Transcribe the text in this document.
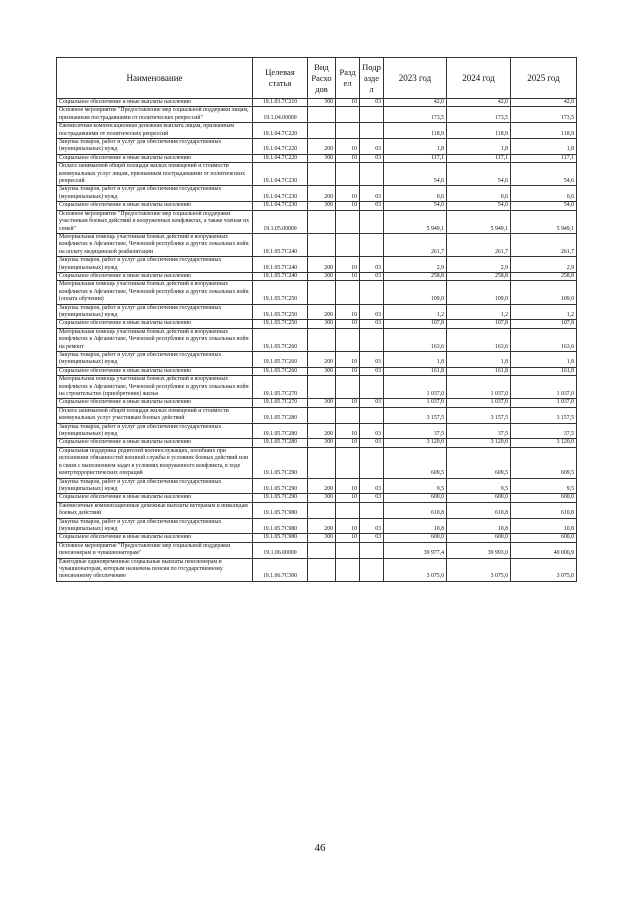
Наименование	Целевая статья	Вид
Расхо
дов	Разд
ел	Подр
азде
л	2023 год	2024 год	2025 год
Социальное обеспечение и иные выплаты населению	19.1.03.7С210	300	10	03	42,0	42,0	42,0
Основное мероприятие "Предоставление мер социальной поддержки лицам, признанным пострадавшими от политических репрессий"	19.1.04.00000				173,5	173,5	173,5
Ежемесячная компенсационная денежная выплата лицам, признанным пострадавшими от политических репрессий	19.1.04.7С220				118,9	118,9	118,9
Закупка товаров, работ и услуг для обеспечения государственных (муниципальных) нужд	19.1.04.7С220	200	10	03	1,8	1,8	1,8
Социальное обеспечение и иные выплаты населению	19.1.04.7С220	300	10	03	117,1	117,1	117,1
Оплата занимаемой общей площади жилых помещений и стоимости коммунальных услуг лицам, признанным пострадавшими от политических репрессий	19.1.04.7С230				54,6	54,6	54,6
Закупка товаров, работ и услуг для обеспечения государственных (муниципальных) нужд	19.1.04.7С230	200	10	03	0,6	0,6	0,6
Социальное обеспечение и иные выплаты населению	19.1.04.7С230	300	10	03	54,0	54,0	54,0
Основное мероприятие "Предоставление мер социальной поддержки участникам боевых действий в вооруженных конфликтах, а также членам их семей"	19.1.05.00000				5 949,1	5 949,1	5 949,1
Материальная помощь участникам боевых действий в вооруженных конфликтах в Афганистане, Чеченской республике и других локальных войн на оплату медицинской реабилитации	19.1.05.7С240				261,7	261,7	261,7
Закупка товаров, работ и услуг для обеспечения государственных (муниципальных) нужд	19.1.05.7С240	200	10	03	2,9	2,9	2,9
Социальное обеспечение и иные выплаты населению	19.1.05.7С240	300	10	03	258,8	258,8	258,8
Материальная помощь участникам боевых действий в вооруженных конфликтах в Афганистане, Чеченской республике и других локальных войн (оплата обучения)	19.1.05.7С250				109,0	109,0	109,0
Закупка товаров, работ и услуг для обеспечения государственных (муниципальных) нужд	19.1.05.7С250	200	10	03	1,2	1,2	1,2
Социальное обеспечение и иные выплаты населению	19.1.05.7С250	300	10	03	107,8	107,8	107,8
Материальная помощь участникам боевых действий в вооруженных конфликтах в Афганистане, Чеченской республике и других локальных войн на ремонт	19.1.05.7С260				163,6	163,6	163,6
Закупка товаров, работ и услуг для обеспечения государственных (муниципальных) нужд	19.1.05.7С260	200	10	03	1,8	1,8	1,8
Социальное обеспечение и иные выплаты населению	19.1.05.7С260	300	10	03	161,8	161,8	161,8
Материальная помощь участникам боевых действий в вооруженных конфликтах в Афганистане, Чеченской республике и других локальных войн на строительство (приобретение) жилья	19.1.05.7С270				1 037,0	1 037,0	1 037,0
Социальное обеспечение и иные выплаты населению	19.1.05.7С270	300	10	03	1 037,0	1 037,0	1 037,0
Оплата занимаемой общей площади жилых помещений и стоимости коммунальных услуг участникам боевых действий	19.1.05.7С280				3 157,5	3 157,5	3 157,5
Закупка товаров, работ и услуг для обеспечения государственных (муниципальных) нужд	19.1.05.7С280	200	10	03	37,5	37,5	37,5
Социальное обеспечение и иные выплаты населению	19.1.05.7С280	300	10	03	3 120,0	3 120,0	3 120,0
Социальная поддержка родителей военнослужащих, погибших при исполнении обязанностей военной службы в условиях боевых действий или в связи с выполнением задач в условиях вооруженного конфликта, в ходе контртеррористических операций	19.1.05.7С290				609,5	609,5	609,5
Закупка товаров, работ и услуг для обеспечения государственных (муниципальных) нужд	19.1.05.7С290	200	10	03	9,5	9,5	9,5
Социальное обеспечение и иные выплаты населению	19.1.05.7С290	300	10	03	600,0	600,0	600,0
Ежемесячные компенсационные денежные выплаты ветеранам и инвалидам боевых действий	19.1.05.7С980				610,8	610,8	610,8
Закупка товаров, работ и услуг для обеспечения государственных (муниципальных) нужд	19.1.05.7С980	200	10	03	10,8	10,8	10,8
Социальное обеспечение и иные выплаты населению	19.1.05.7С980	300	10	03	600,0	600,0	600,0
Основное мероприятие "Предоставление мер социальной поддержки пенсионерам и чувашионаторам"	19.1.06.00000				39 977,4	39 993,0	40 006,9
Ежегодные единовременные социальные выплаты пенсионерам и чувашионаторам, которым назначена пенсия по государственному пенсионному обеспечению	19.1.06.7С300				3 075,0	3 075,0	3 075,0
46
